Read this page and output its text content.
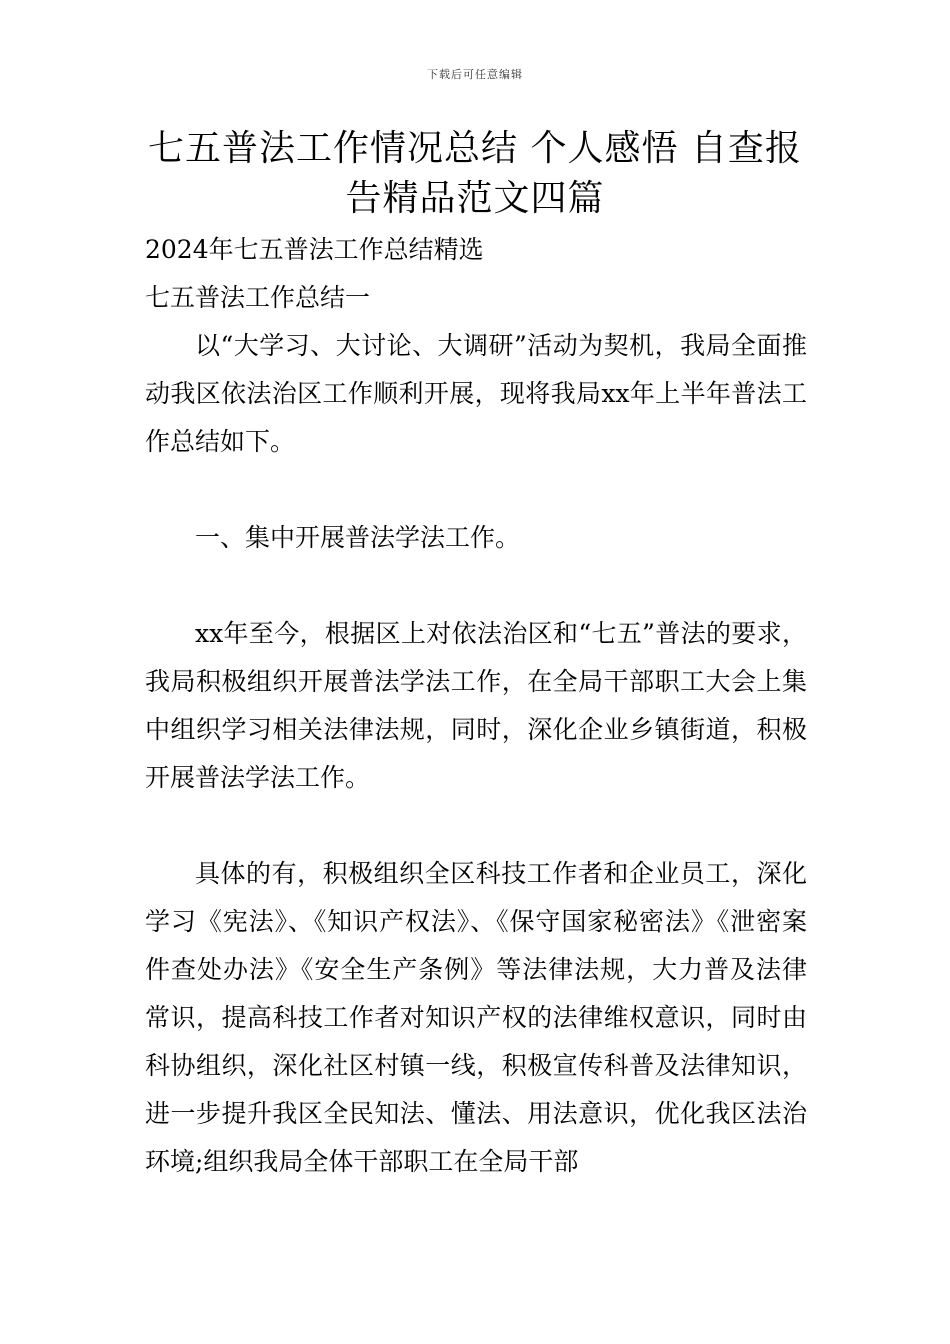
下载后可任意编辑
七五普法工作情况总结 个人感悟 自查报告精品范文四篇

2024年七五普法工作总结精选

七五普法工作总结一

以“大学习、大讨论、大调研”活动为契机，我局全面推动我区依法治区工作顺利开展，现将我局xx年上半年普法工作总结如下。

一、集中开展普法学法工作。

xx年至今，根据区上对依法治区和“七五”普法的要求，我局积极组织开展普法学法工作，在全局干部职工大会上集中组织学习相关法律法规，同时，深化企业乡镇街道，积极开展普法学法工作。

具体的有，积极组织全区科技工作者和企业员工，深化学习《宪法》、《知识产权法》、《保守国家秘密法》《泄密案件查处办法》《安全生产条例》等法律法规，大力普及法律常识，提高科技工作者对知识产权的法律维权意识，同时由科协组织，深化社区村镇一线，积极宣传科普及法律知识，进一步提升我区全民知法、懂法、用法意识，优化我区法治环境;组织我局全体干部职工在全局干部
